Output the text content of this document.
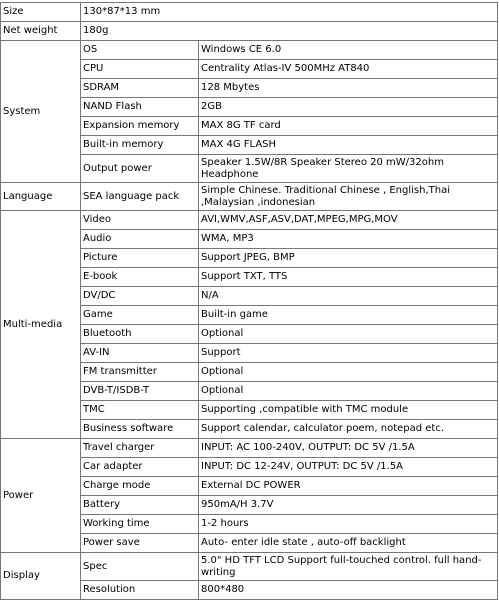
Size	130*87*13 mm	
Net weight	180g	
System	OS	Windows CE 6.0
	CPU	Centrality Atlas-IV 500MHz AT840
	SDRAM	128 Mbytes
	NAND Flash	2GB
	Expansion memory	MAX 8G TF card
	Built-in memory	MAX 4G FLASH
	Output power	Speaker 1.5W/8R Speaker Stereo 20 mW/32ohm Headphone
Language	SEA language pack	Simple Chinese. Traditional Chinese , English,Thai ,Malaysian ,indonesian
Multi-media	Video	AVI,WMV,ASF,ASV,DAT,MPEG,MPG,MOV
	Audio	WMA, MP3
	Picture	Support JPEG, BMP
	E-book	Support TXT, TTS
	DV/DC	N/A
	Game	Built-in game
	Bluetooth	Optional
	AV-IN	Support
	FM transmitter	Optional
	DVB-T/ISDB-T	Optional
	TMC	Supporting ,compatible with TMC module
	Business software	Support calendar, calculator poem, notepad etc.
Power	Travel charger	INPUT: AC 100-240V, OUTPUT: DC 5V /1.5A
	Car adapter	INPUT: DC 12-24V, OUTPUT: DC 5V /1.5A
	Charge mode	External DC POWER
	Battery	950mA/H 3.7V
	Working time	1-2 hours
	Power save	Auto- enter idle state , auto-off backlight
Display	Spec	5.0" HD TFT LCD Support full-touched control. full hand-writing
	Resolution	800*480
